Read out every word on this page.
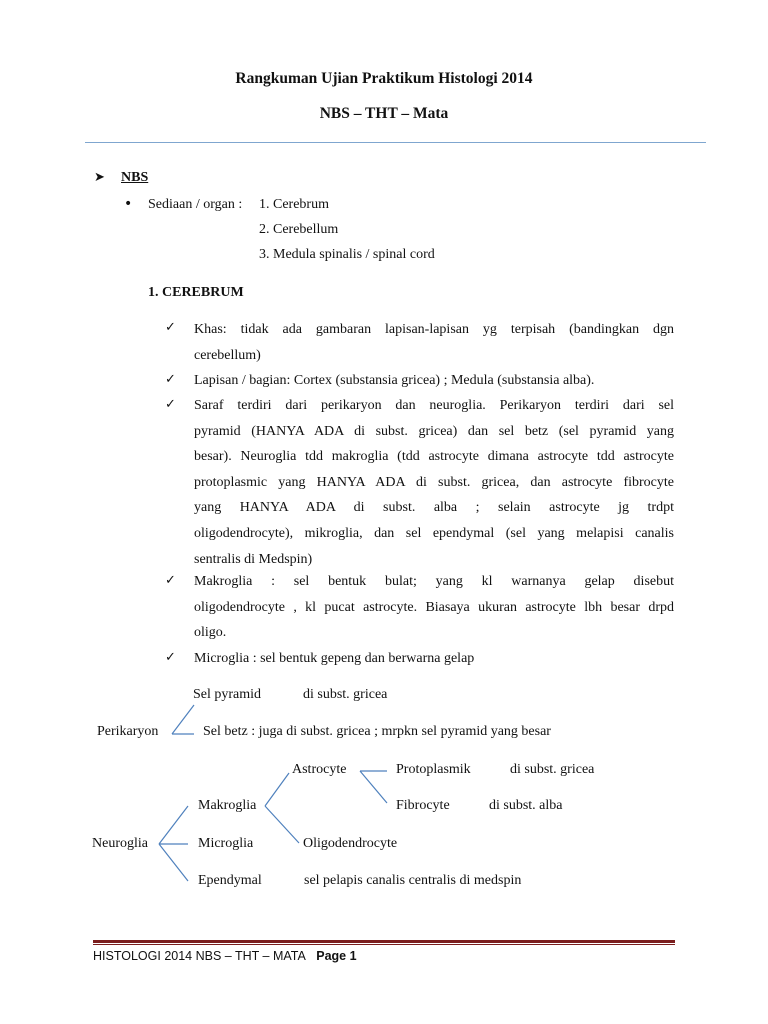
Rangkuman Ujian Praktikum Histologi 2014
NBS – THT – Mata
➤ NBS
• Sediaan / organ : 1. Cerebrum
2. Cerebellum
3. Medula spinalis / spinal cord
1. CEREBRUM
✓ Khas: tidak ada gambaran lapisan-lapisan yg terpisah (bandingkan dgn
cerebellum)
✓ Lapisan / bagian: Cortex (substansia gricea) ; Medula (substansia alba).
✓ Saraf terdiri dari perikaryon dan neuroglia. Perikaryon terdiri dari sel
pyramid (HANYA ADA di subst. gricea) dan sel betz (sel pyramid yang
besar). Neuroglia tdd makroglia (tdd astrocyte dimana astrocyte tdd astrocyte
protoplasmic yang HANYA ADA di subst. gricea, dan astrocyte fibrocyte
yang HANYA ADA di subst. alba ; selain astrocyte jg trdpt
oligodendrocyte), mikroglia, dan sel ependymal (sel yang melapisi canalis
sentralis di Medspin)
✓ Makroglia : sel bentuk bulat; yang kl warnanya gelap disebut
oligodendrocyte , kl pucat astrocyte. Biasaya ukuran astrocyte lbh besar drpd
oligo.
✓ Microglia : sel bentuk gepeng dan berwarna gelap
Sel pyramid	di subst. gricea
Perikaryon	Sel betz : juga di subst. gricea ; mrpkn sel pyramid yang besar
Astrocyte	Protoplasmik	di subst. gricea
Makroglia	Fibrocyte	di subst. alba
Neuroglia	Microglia	Oligodendrocyte
Ependymal	sel pelapis canalis centralis di medspin
HISTOLOGI 2014 NBS – THT – MATA Page 1
